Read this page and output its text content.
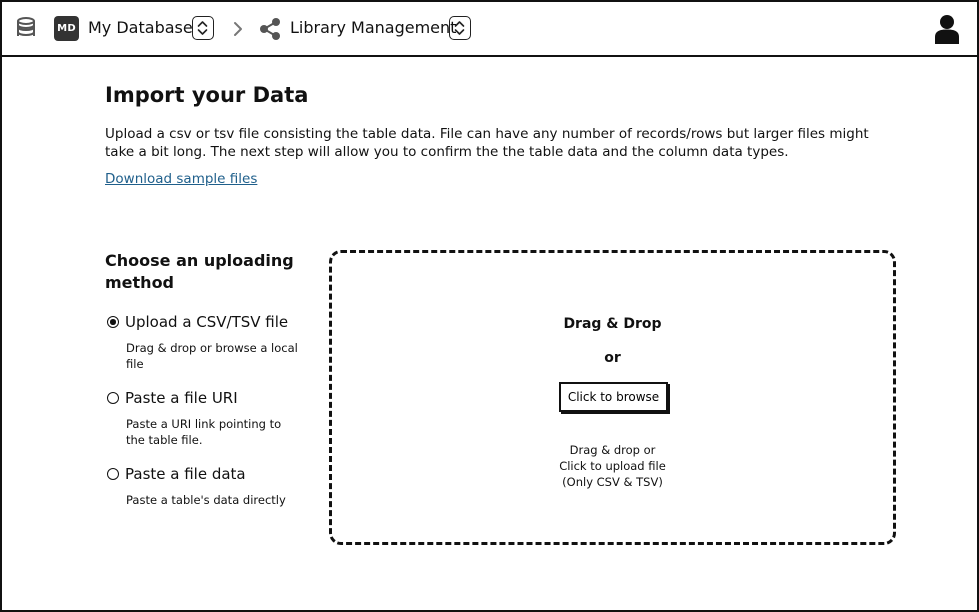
MD My Database	Library Management
Import your Data

Upload a csv or tsv file consisting the table data. File can have any number of records/rows but larger files might take a bit long. The next step will allow you to confirm the the table data and the column data types.

Download sample files
Choose an uploading method
Upload a CSV/TSV file
Drag & drop or browse a local file
Paste a file URI
Paste a URI link pointing to the table file.
Paste a file data
Paste a table's data directly
Drag & Drop
or
Click to browse
Drag & drop or
Click to upload file
(Only CSV & TSV)
